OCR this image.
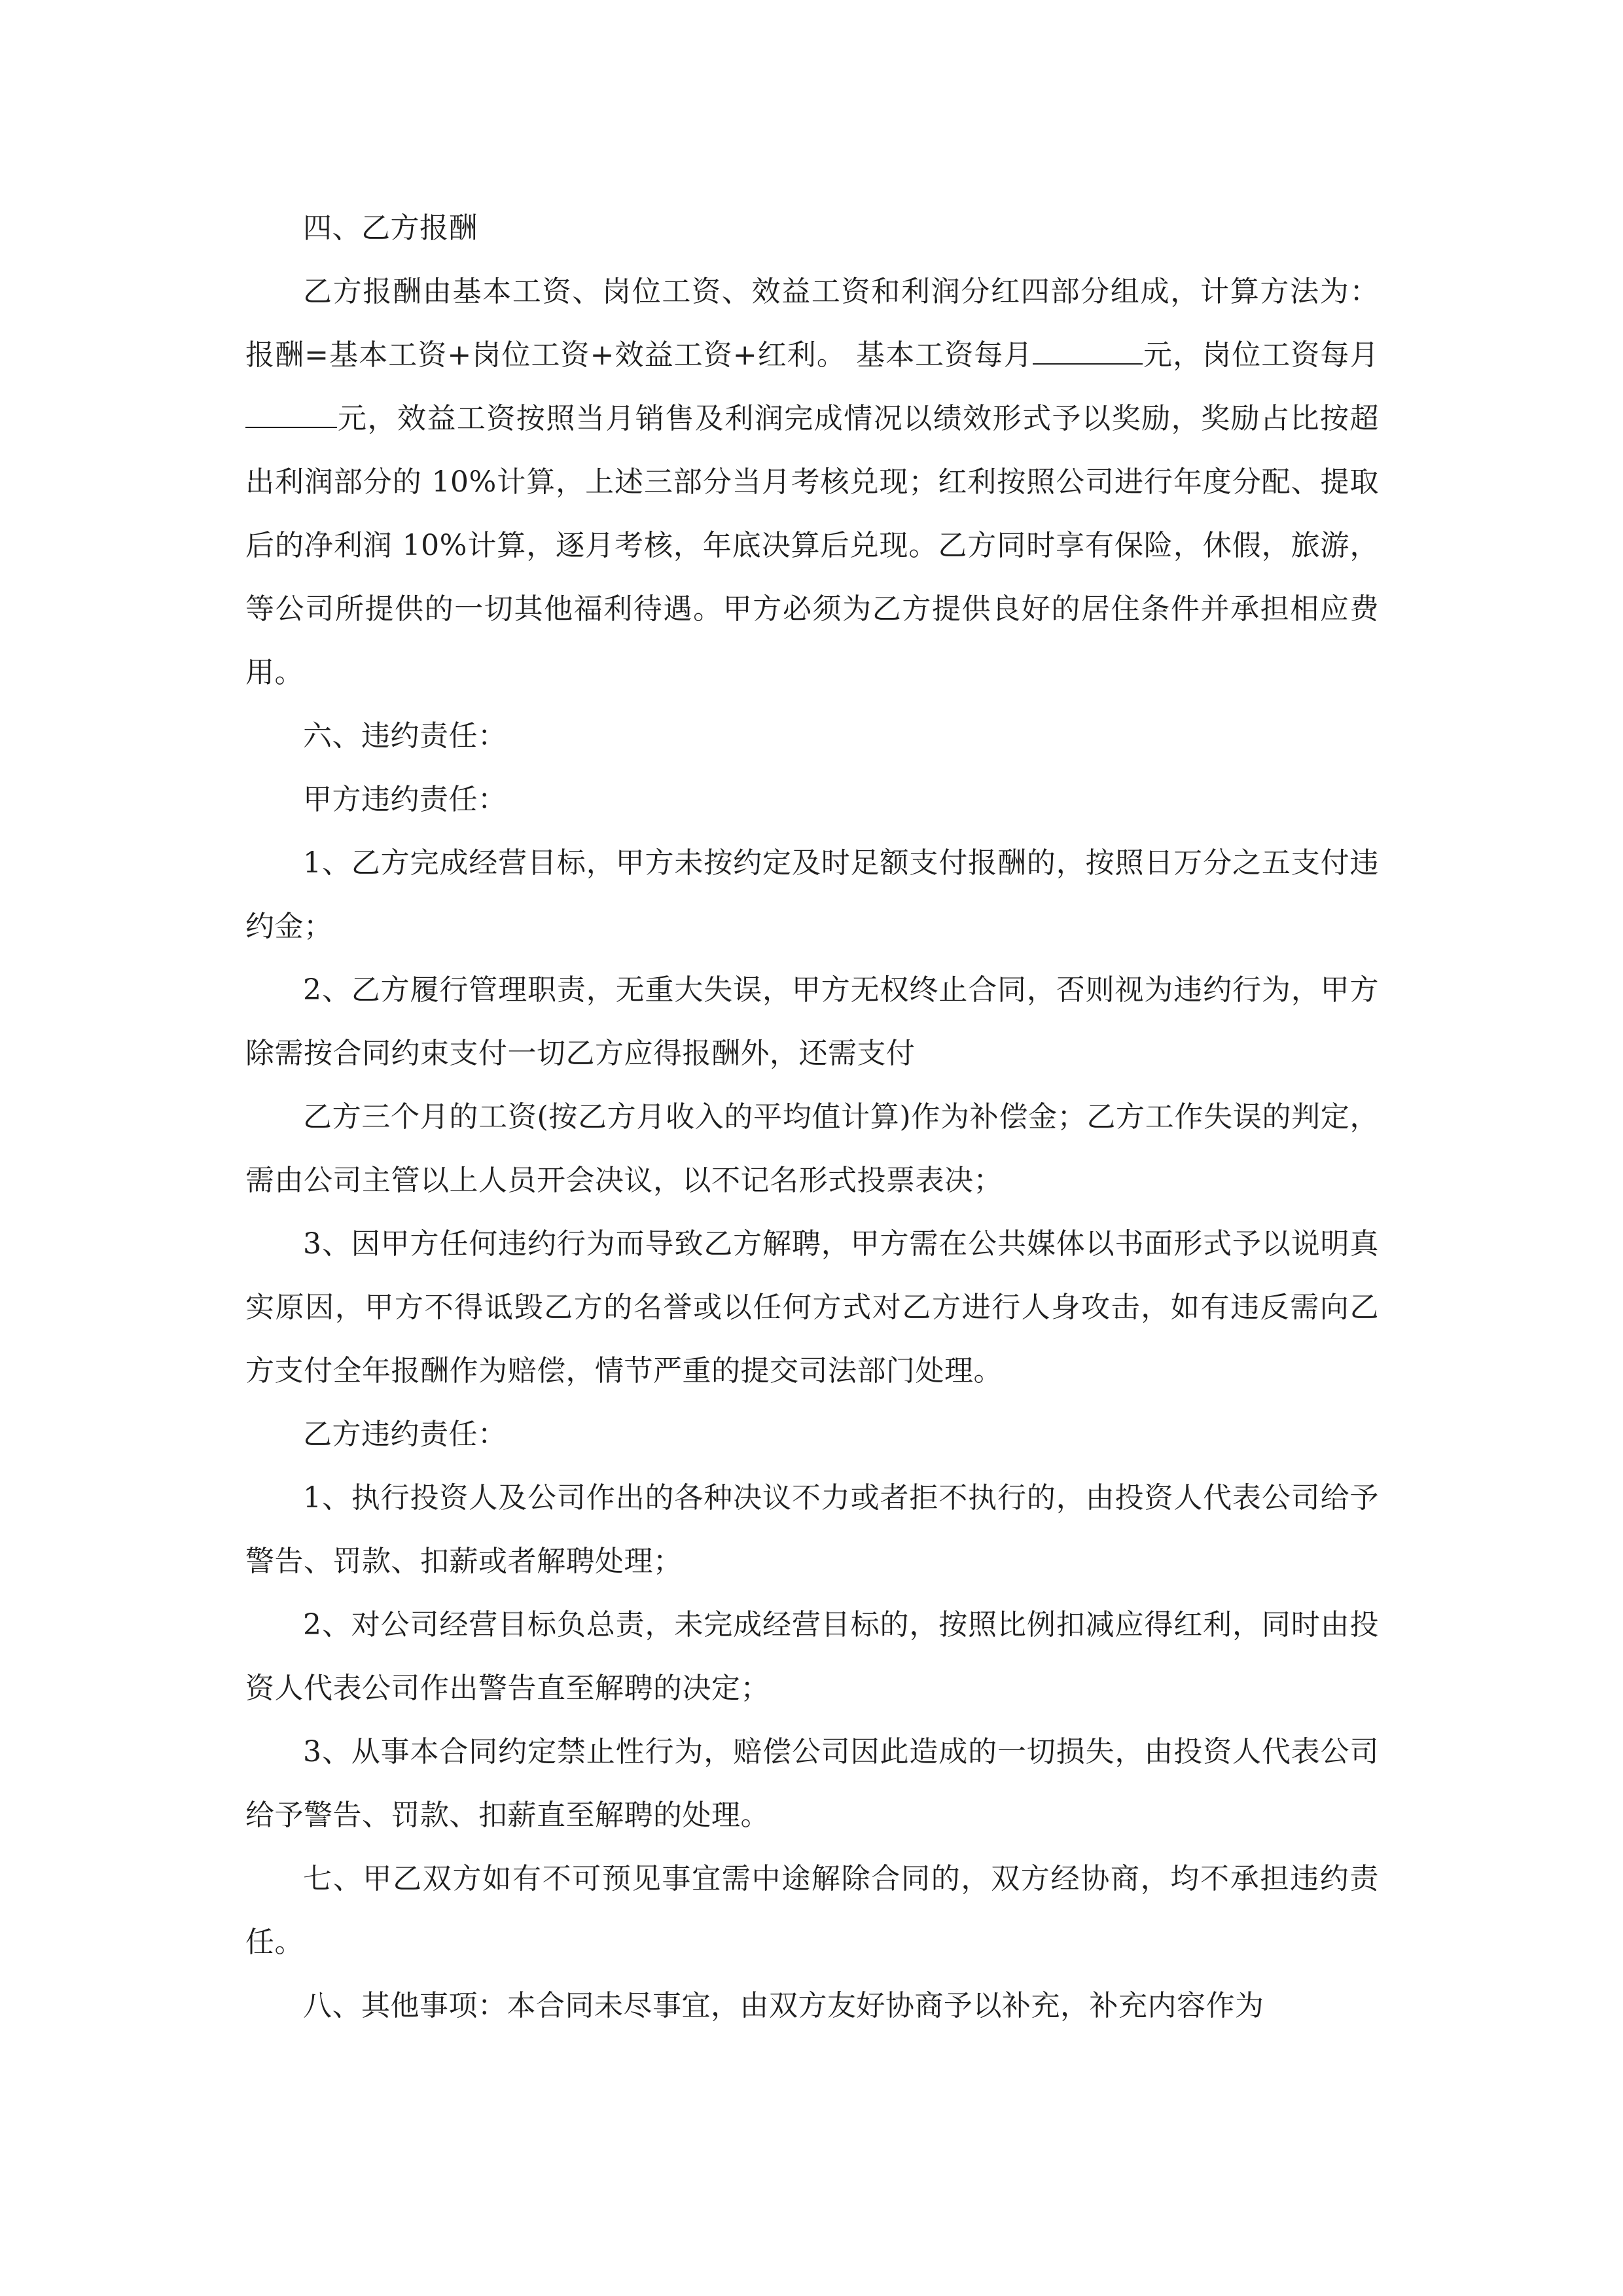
四、乙方报酬

乙方报酬由基本工资、岗位工资、效益工资和利润分红四部分组成，计算方法为：报酬=基本工资+岗位工资+效益工资+红利。 基本工资每月	元，岗位工资每月元，效益工资按照当月销售及利润完成情况以绩效形式予以奖励，奖励占比按超出利润部分的 10%计算，上述三部分当月考核兑现；红利按照公司进行年度分配、提取后的净利润 10%计算，逐月考核，年底决算后兑现。乙方同时享有保险，休假，旅游，等公司所提供的一切其他福利待遇。甲方必须为乙方提供良好的居住条件并承担相应费用。

六、违约责任：

甲方违约责任：

1、乙方完成经营目标，甲方未按约定及时足额支付报酬的，按照日万分之五支付违约金；

2、乙方履行管理职责，无重大失误，甲方无权终止合同，否则视为违约行为，甲方除需按合同约束支付一切乙方应得报酬外，还需支付

乙方三个月的工资(按乙方月收入的平均值计算)作为补偿金；乙方工作失误的判定，需由公司主管以上人员开会决议，以不记名形式投票表决；

3、因甲方任何违约行为而导致乙方解聘，甲方需在公共媒体以书面形式予以说明真实原因，甲方不得诋毁乙方的名誉或以任何方式对乙方进行人身攻击，如有违反需向乙方支付全年报酬作为赔偿，情节严重的提交司法部门处理。

乙方违约责任：

1、执行投资人及公司作出的各种决议不力或者拒不执行的，由投资人代表公司给予警告、罚款、扣薪或者解聘处理；

2、对公司经营目标负总责，未完成经营目标的，按照比例扣减应得红利，同时由投资人代表公司作出警告直至解聘的决定；

3、从事本合同约定禁止性行为，赔偿公司因此造成的一切损失，由投资人代表公司给予警告、罚款、扣薪直至解聘的处理。

七、甲乙双方如有不可预见事宜需中途解除合同的，双方经协商，均不承担违约责任。

八、其他事项：本合同未尽事宜，由双方友好协商予以补充，补充内容作为
